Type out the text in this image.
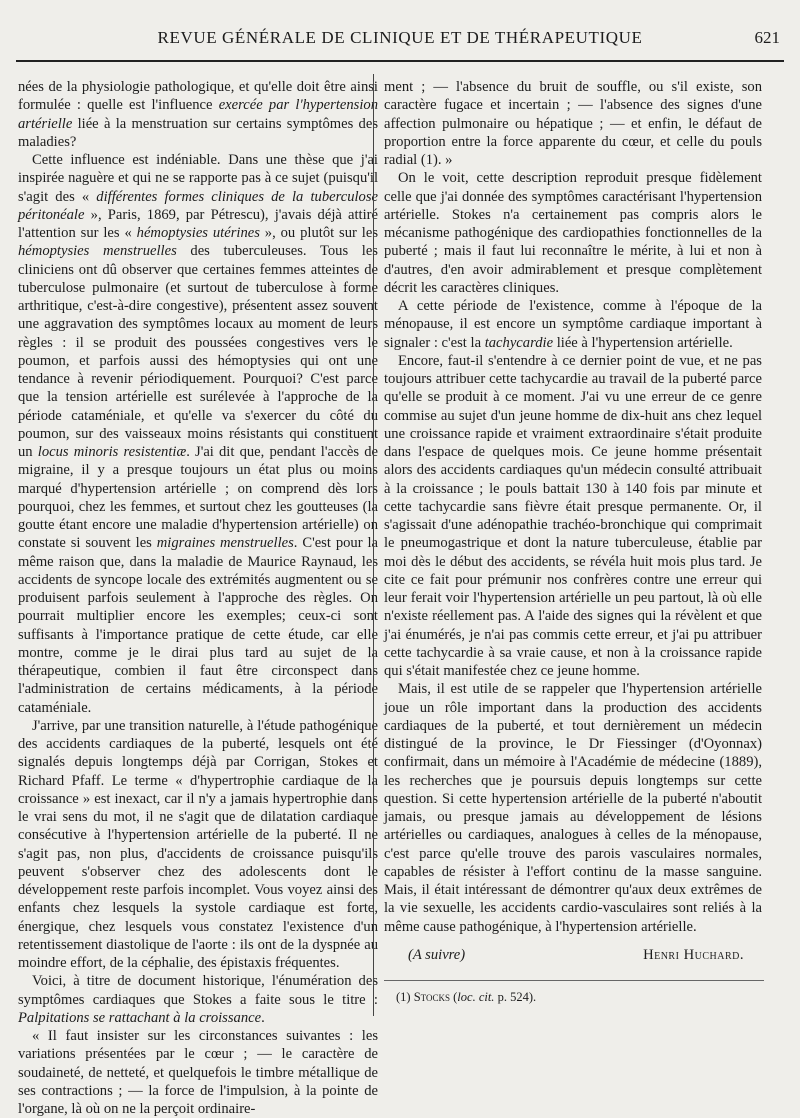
REVUE GÉNÉRALE DE CLINIQUE ET DE THÉRAPEUTIQUE	621

nées de la physiologie pathologique, et qu'elle doit être ainsi formulée : quelle est l'influence exercée par l'hypertension artérielle liée à la menstruation sur certains symptômes des maladies?

Cette influence est indéniable. Dans une thèse que j'ai inspirée naguère et qui ne se rapporte pas à ce sujet (puisqu'il s'agit des « différentes formes cliniques de la tuberculose péritonéale », Paris, 1869, par Pétrescu), j'avais déjà attiré l'attention sur les « hémoptysies utérines », ou plutôt sur les hémoptysies menstruelles des tuberculeuses. Tous les cliniciens ont dû observer que certaines femmes atteintes de tuberculose pulmonaire (et surtout de tuberculose à forme arthritique, c'est-à-dire congestive), présentent assez souvent une aggravation des symptômes locaux au moment de leurs règles : il se produit des poussées congestives vers le poumon, et parfois aussi des hémoptysies qui ont une tendance à revenir périodiquement. Pourquoi? C'est parce que la tension artérielle est surélevée à l'approche de la période cataméniale, et qu'elle va s'exercer du côté du poumon, sur des vaisseaux moins résistants qui constituent un locus minoris resistentiæ. J'ai dit que, pendant l'accès de migraine, il y a presque toujours un état plus ou moins marqué d'hypertension artérielle ; on comprend dès lors pourquoi, chez les femmes, et surtout chez les goutteuses (la goutte étant encore une maladie d'hypertension artérielle) on constate si souvent les migraines menstruelles. C'est pour la même raison que, dans la maladie de Maurice Raynaud, les accidents de syncope locale des extrémités augmentent ou se produisent parfois seulement à l'approche des règles. On pourrait multiplier encore les exemples; ceux-ci sont suffisants à l'importance pratique de cette étude, car elle montre, comme je le dirai plus tard au sujet de la thérapeutique, combien il faut être circonspect dans l'administration de certains médicaments, à la période cataméniale.

J'arrive, par une transition naturelle, à l'étude pathogénique des accidents cardiaques de la puberté, lesquels ont été signalés depuis longtemps déjà par Corrigan, Stokes et Richard Pfaff. Le terme « d'hypertrophie cardiaque de la croissance » est inexact, car il n'y a jamais hypertrophie dans le vrai sens du mot, il ne s'agit que de dilatation cardiaque consécutive à l'hypertension artérielle de la puberté. Il ne s'agit pas, non plus, d'accidents de croissance puisqu'ils peuvent s'observer chez des adolescents dont le développement reste parfois incomplet. Vous voyez ainsi des enfants chez lesquels la systole cardiaque est forte, énergique, chez lesquels vous constatez l'existence d'un retentissement diastolique de l'aorte : ils ont de la dyspnée au moindre effort, de la céphalie, des épistaxis fréquentes.

Voici, à titre de document historique, l'énumération des symptômes cardiaques que Stokes a faite sous le titre : Palpitations se rattachant à la croissance.

« Il faut insister sur les circonstances suivantes : les variations présentées par le cœur ; — le caractère de soudaineté, de netteté, et quelquefois le timbre métallique de ses contractions ; — la force de l'impulsion, à la pointe de l'organe, là où on ne la perçoit ordinaire-

ment ; — l'absence du bruit de souffle, ou s'il existe, son caractère fugace et incertain ; — l'absence des signes d'une affection pulmonaire ou hépatique ; — et enfin, le défaut de proportion entre la force apparente du cœur, et celle du pouls radial (1). »

On le voit, cette description reproduit presque fidèlement celle que j'ai donnée des symptômes caractérisant l'hypertension artérielle. Stokes n'a certainement pas compris alors le mécanisme pathogénique des cardiopathies fonctionnelles de la puberté ; mais il faut lui reconnaître le mérite, à lui et non à d'autres, d'en avoir admirablement et presque complètement décrit les caractères cliniques.

A cette période de l'existence, comme à l'époque de la ménopause, il est encore un symptôme cardiaque important à signaler : c'est la tachycardie liée à l'hypertension artérielle.

Encore, faut-il s'entendre à ce dernier point de vue, et ne pas toujours attribuer cette tachycardie au travail de la puberté parce qu'elle se produit à ce moment. J'ai vu une erreur de ce genre commise au sujet d'un jeune homme de dix-huit ans chez lequel une croissance rapide et vraiment extraordinaire s'était produite dans l'espace de quelques mois. Ce jeune homme présentait alors des accidents cardiaques qu'un médecin consulté attribuait à la croissance ; le pouls battait 130 à 140 fois par minute et cette tachycardie sans fièvre était presque permanente. Or, il s'agissait d'une adénopathie trachéo-bronchique qui comprimait le pneumogastrique et dont la nature tuberculeuse, établie par moi dès le début des accidents, se révéla huit mois plus tard. Je cite ce fait pour prémunir nos confrères contre une erreur qui leur ferait voir l'hypertension artérielle un peu partout, là où elle n'existe réellement pas. A l'aide des signes qui la révèlent et que j'ai énumérés, je n'ai pas commis cette erreur, et j'ai pu attribuer cette tachycardie à sa vraie cause, et non à la croissance rapide qui s'était manifestée chez ce jeune homme.

Mais, il est utile de se rappeler que l'hypertension artérielle joue un rôle important dans la production des accidents cardiaques de la puberté, et tout dernièrement un médecin distingué de la province, le Dr Fiessinger (d'Oyonnax) confirmait, dans un mémoire à l'Académie de médecine (1889), les recherches que je poursuis depuis longtemps sur cette question. Si cette hypertension artérielle de la puberté n'aboutit jamais, ou presque jamais au développement de lésions artérielles ou cardiaques, analogues à celles de la ménopause, c'est parce qu'elle trouve des parois vasculaires normales, capables de résister à l'effort continu de la masse sanguine. Mais, il était intéressant de démontrer qu'aux deux extrêmes de la vie sexuelle, les accidents cardio-vasculaires sont reliés à la même cause pathogénique, à l'hypertension artérielle.

(A suivre)	Henri Huchard.
(1) Stocks (loc. cit. p. 524).
